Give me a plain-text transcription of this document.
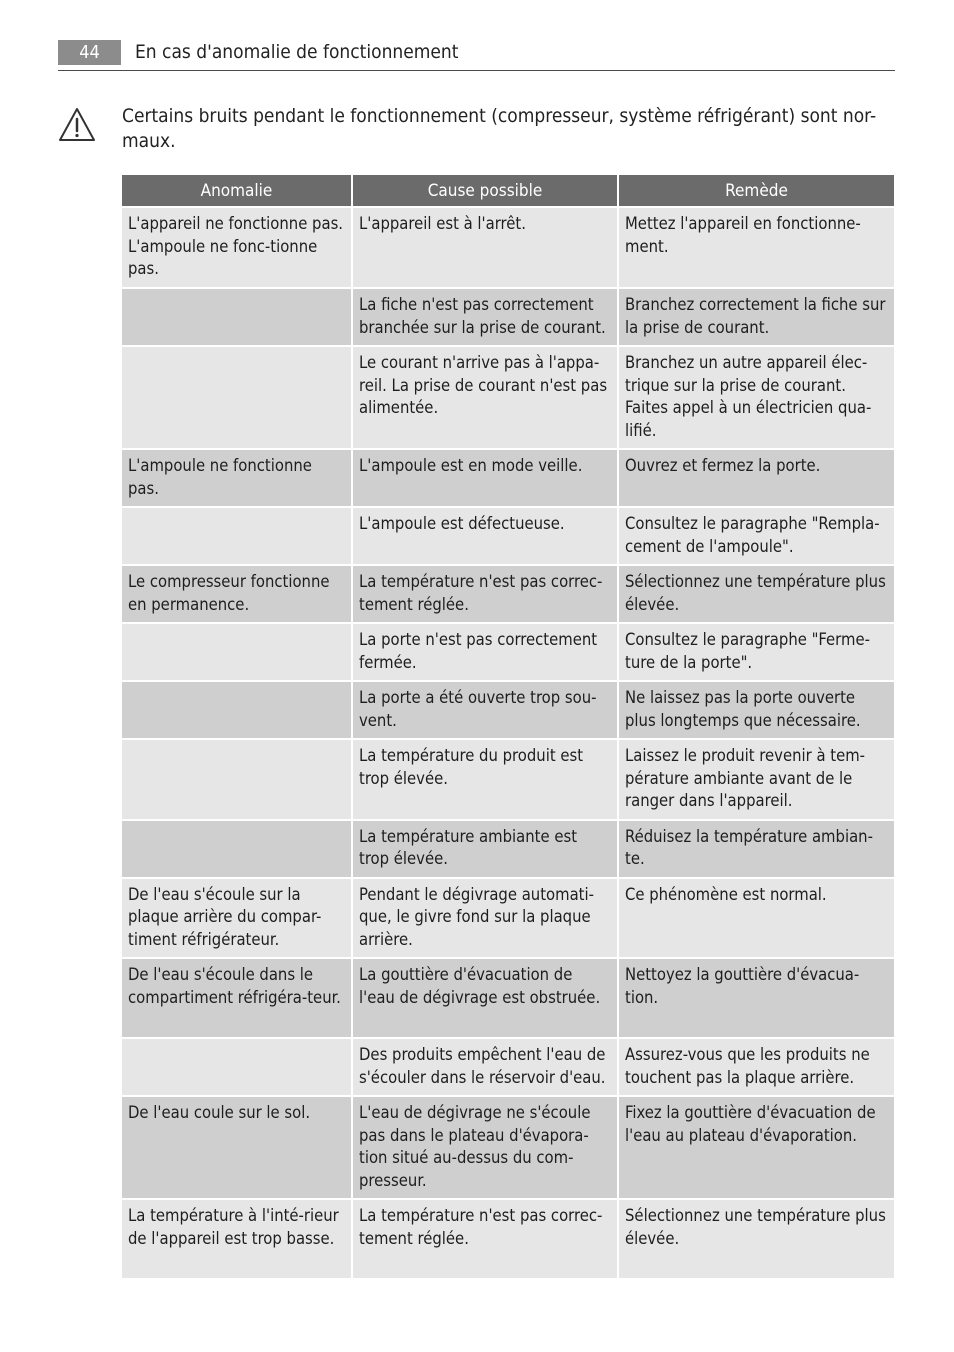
44	En cas d'anomalie de fonctionnement
Certains bruits pendant le fonctionnement (compresseur, système réfrigérant) sont nor-maux.
Anomalie	Cause possible	Remède
L'appareil ne fonctionne pas. L'ampoule ne fonc-tionne pas.	L'appareil est à l'arrêt.	Mettez l'appareil en fonctionne-ment.
	La fiche n'est pas correctement branchée sur la prise de courant.	Branchez correctement la fiche sur la prise de courant.
	Le courant n'arrive pas à l'appa-reil. La prise de courant n'est pas alimentée.	Branchez un autre appareil élec-trique sur la prise de courant. Faites appel à un électricien qua-lifié.
L'ampoule ne fonctionne pas.	L'ampoule est en mode veille.	Ouvrez et fermez la porte.
	L'ampoule est défectueuse.	Consultez le paragraphe "Rempla-cement de l'ampoule".
Le compresseur fonctionne en permanence.	La température n'est pas correc-tement réglée.	Sélectionnez une température plus élevée.
	La porte n'est pas correctement fermée.	Consultez le paragraphe "Ferme-ture de la porte".
	La porte a été ouverte trop sou-vent.	Ne laissez pas la porte ouverte plus longtemps que nécessaire.
	La température du produit est trop élevée.	Laissez le produit revenir à tem-pérature ambiante avant de le ranger dans l'appareil.
	La température ambiante est trop élevée.	Réduisez la température ambian-te.
De l'eau s'écoule sur la plaque arrière du compar-timent réfrigérateur.	Pendant le dégivrage automati-que, le givre fond sur la plaque arrière.	Ce phénomène est normal.
De l'eau s'écoule dans le compartiment réfrigéra-teur.	La gouttière d'évacuation de l'eau de dégivrage est obstruée.	Nettoyez la gouttière d'évacua-tion.
	Des produits empêchent l'eau de s'écouler dans le réservoir d'eau.	Assurez-vous que les produits ne touchent pas la plaque arrière.
De l'eau coule sur le sol.	L'eau de dégivrage ne s'écoule pas dans le plateau d'évapora-tion situé au-dessus du com-presseur.	Fixez la gouttière d'évacuation de l'eau au plateau d'évaporation.
La température à l'inté-rieur de l'appareil est trop basse.	La température n'est pas correc-tement réglée.	Sélectionnez une température plus élevée.
